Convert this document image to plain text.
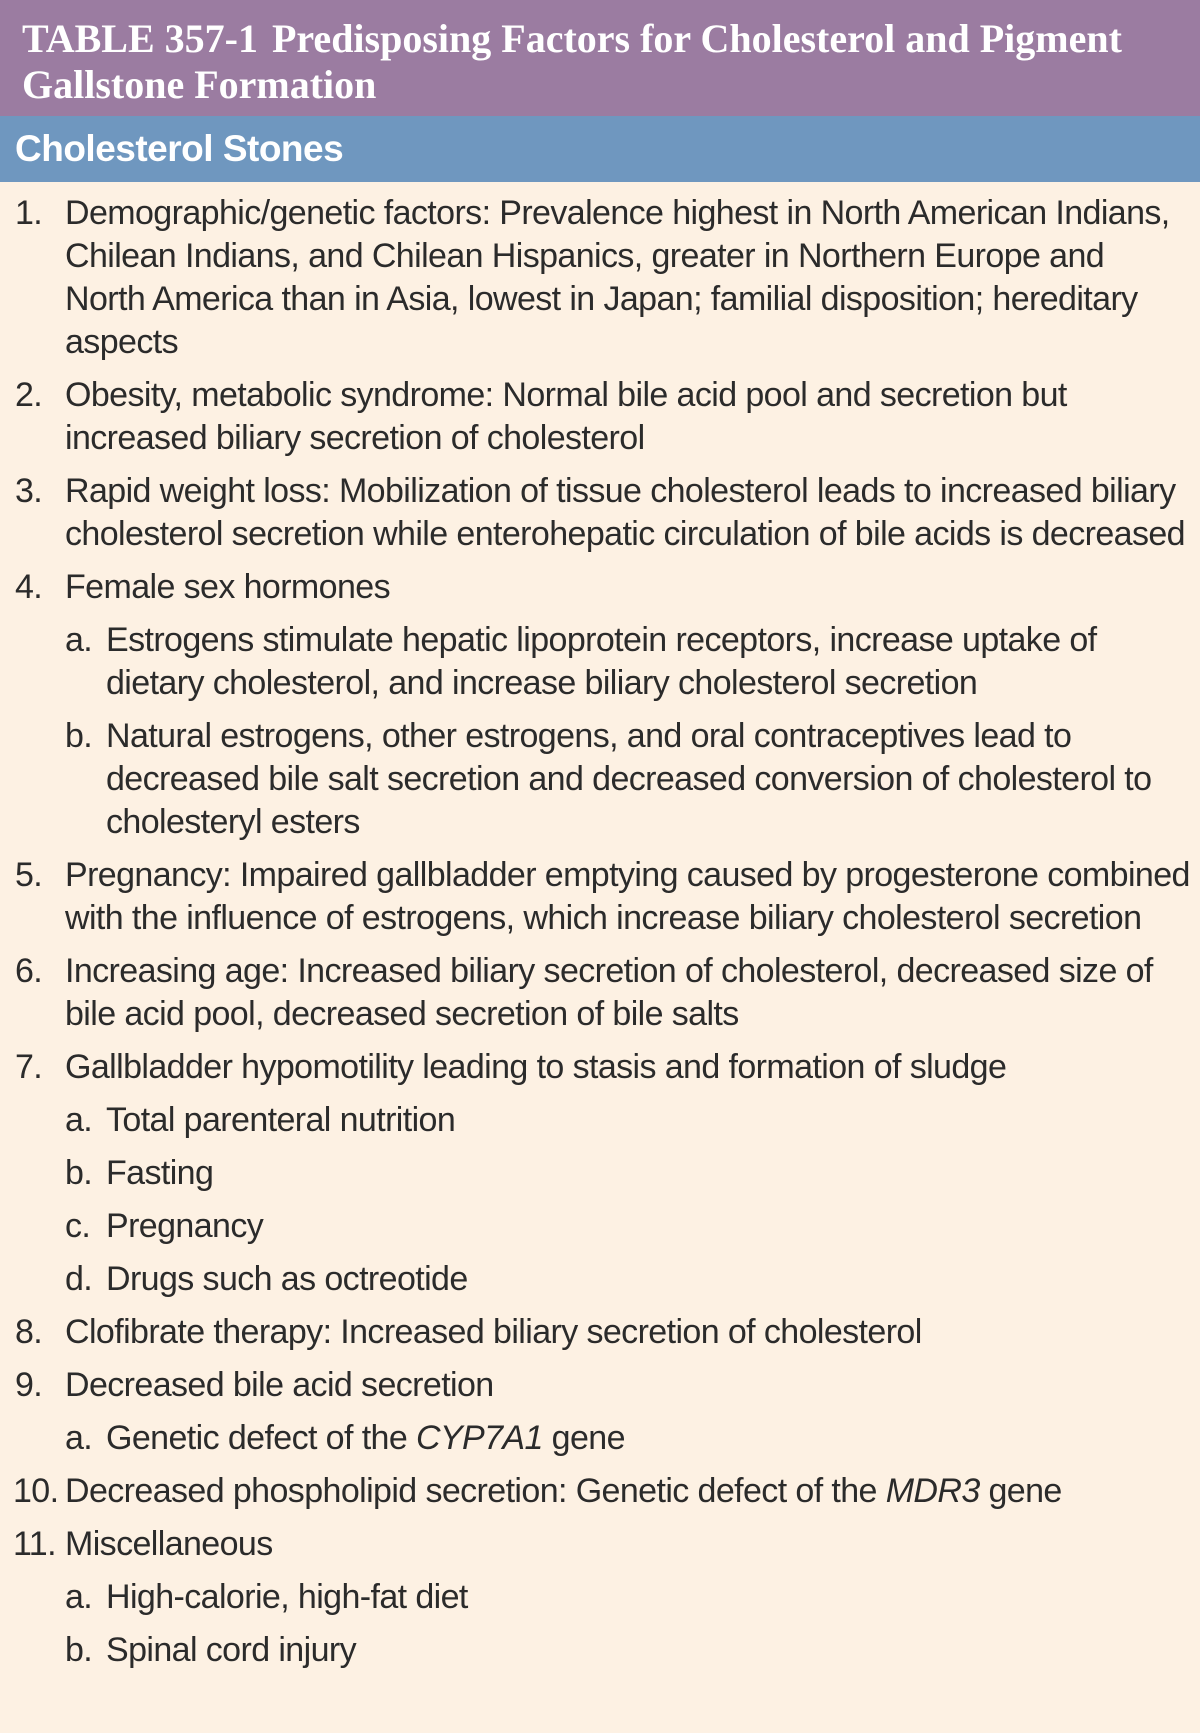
TABLE 357-1 Predisposing Factors for Cholesterol and Pigment Gallstone Formation
Cholesterol Stones
1. Demographic/genetic factors: Prevalence highest in North American Indians, Chilean Indians, and Chilean Hispanics, greater in Northern Europe and North America than in Asia, lowest in Japan; familial disposition; hereditary aspects
2. Obesity, metabolic syndrome: Normal bile acid pool and secretion but increased biliary secretion of cholesterol
3. Rapid weight loss: Mobilization of tissue cholesterol leads to increased biliary cholesterol secretion while enterohepatic circulation of bile acids is decreased
4. Female sex hormones
a. Estrogens stimulate hepatic lipoprotein receptors, increase uptake of dietary cholesterol, and increase biliary cholesterol secretion
b. Natural estrogens, other estrogens, and oral contraceptives lead to decreased bile salt secretion and decreased conversion of cholesterol to cholesteryl esters
5. Pregnancy: Impaired gallbladder emptying caused by progesterone combined with the influence of estrogens, which increase biliary cholesterol secretion
6. Increasing age: Increased biliary secretion of cholesterol, decreased size of bile acid pool, decreased secretion of bile salts
7. Gallbladder hypomotility leading to stasis and formation of sludge
a. Total parenteral nutrition
b. Fasting
c. Pregnancy
d. Drugs such as octreotide
8. Clofibrate therapy: Increased biliary secretion of cholesterol
9. Decreased bile acid secretion
a. Genetic defect of the CYP7A1 gene
10. Decreased phospholipid secretion: Genetic defect of the MDR3 gene
11. Miscellaneous
a. High-calorie, high-fat diet
b. Spinal cord injury
